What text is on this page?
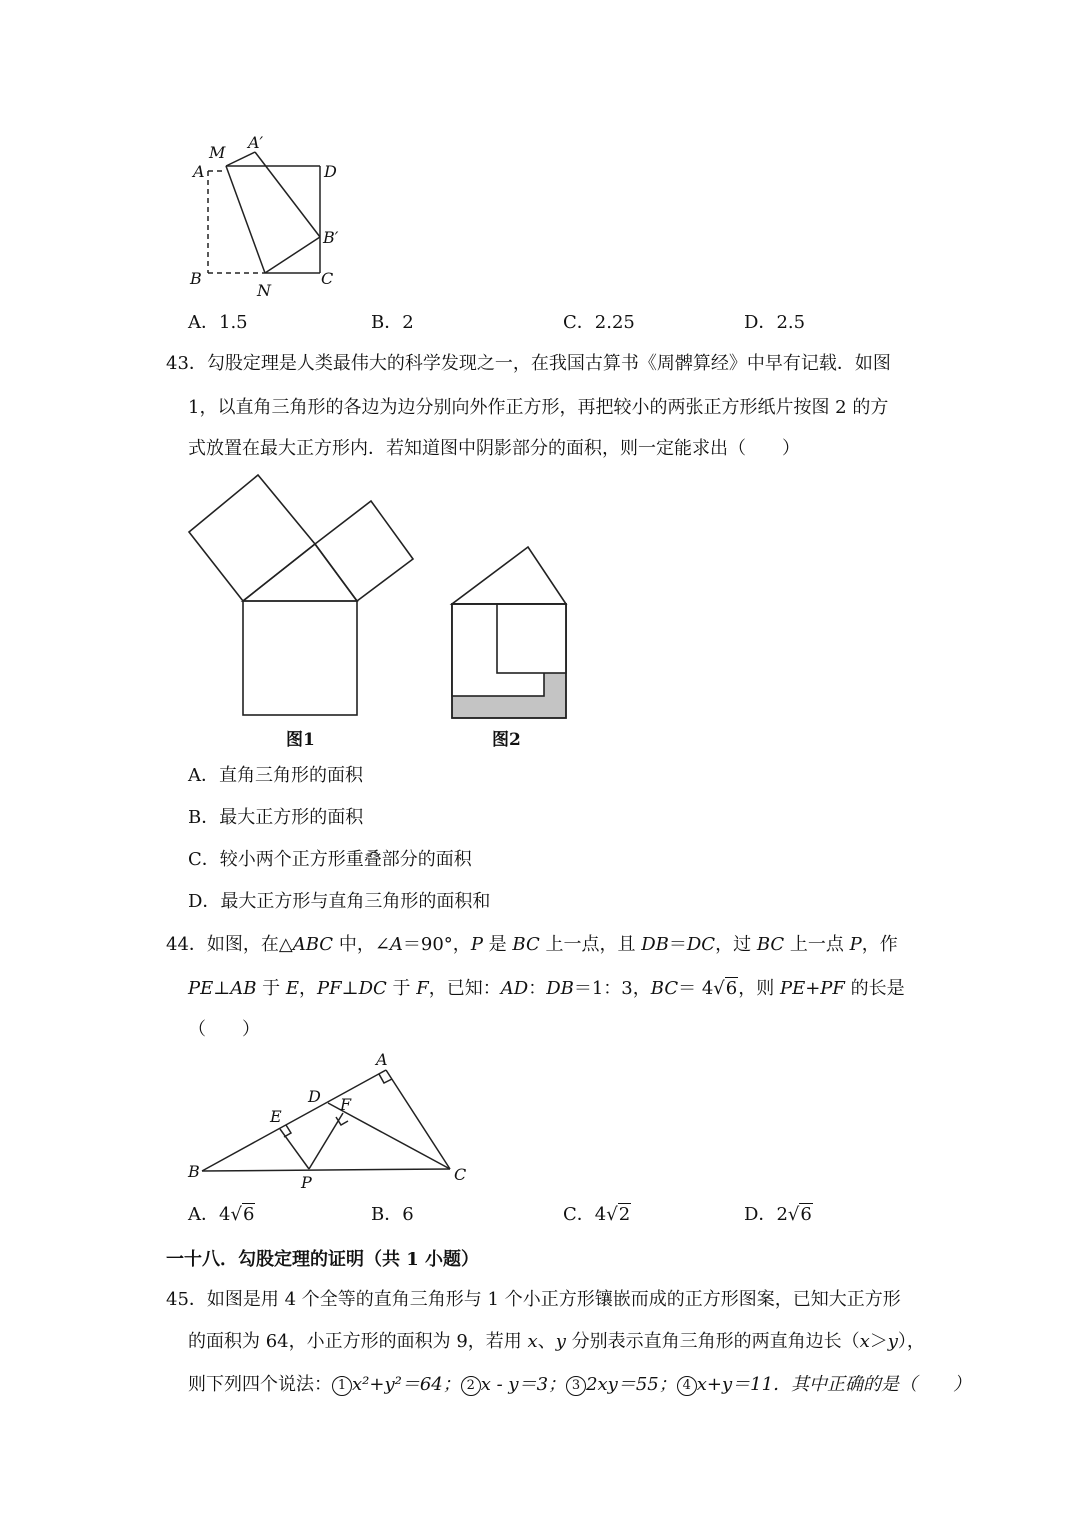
M
A′
A	D
B′
B
N
C
A．1.5	B．2	C．2.25	D．2.5
43．勾股定理是人类最伟大的科学发现之一，在我国古算书《周髀算经》中早有记载．如图
1，以直角三角形的各边为边分别向外作正方形，再把较小的两张正方形纸片按图 2 的方
式放置在最大正方形内．若知道图中阴影部分的面积，则一定能求出（　　）
图1	图2
A．直角三角形的面积
B．最大正方形的面积
C．较小两个正方形重叠部分的面积
D．最大正方形与直角三角形的面积和
44．如图，在△ABC 中，∠A＝90°，P 是 BC 上一点，且 DB＝DC，过 BC 上一点 P，作
PE⊥AB 于 E，PF⊥DC 于 F，已知：AD：DB＝1：3，BC＝ 4√6，则 PE+PF 的长是
（　　）
A
D F
E
B
P	C
A．4√6	B．6	C．4√2	D．2√6
一十八．勾股定理的证明（共 1 小题）
45．如图是用 4 个全等的直角三角形与 1 个小正方形镶嵌而成的正方形图案，已知大正方形
的面积为 64，小正方形的面积为 9，若用 x、y 分别表示直角三角形的两直角边长（x＞y），
则下列四个说法： 1 x²+y²＝64； 2 x - y＝3； 3 2xy＝55； 4 x+y＝11．其中正确的是（　　）
